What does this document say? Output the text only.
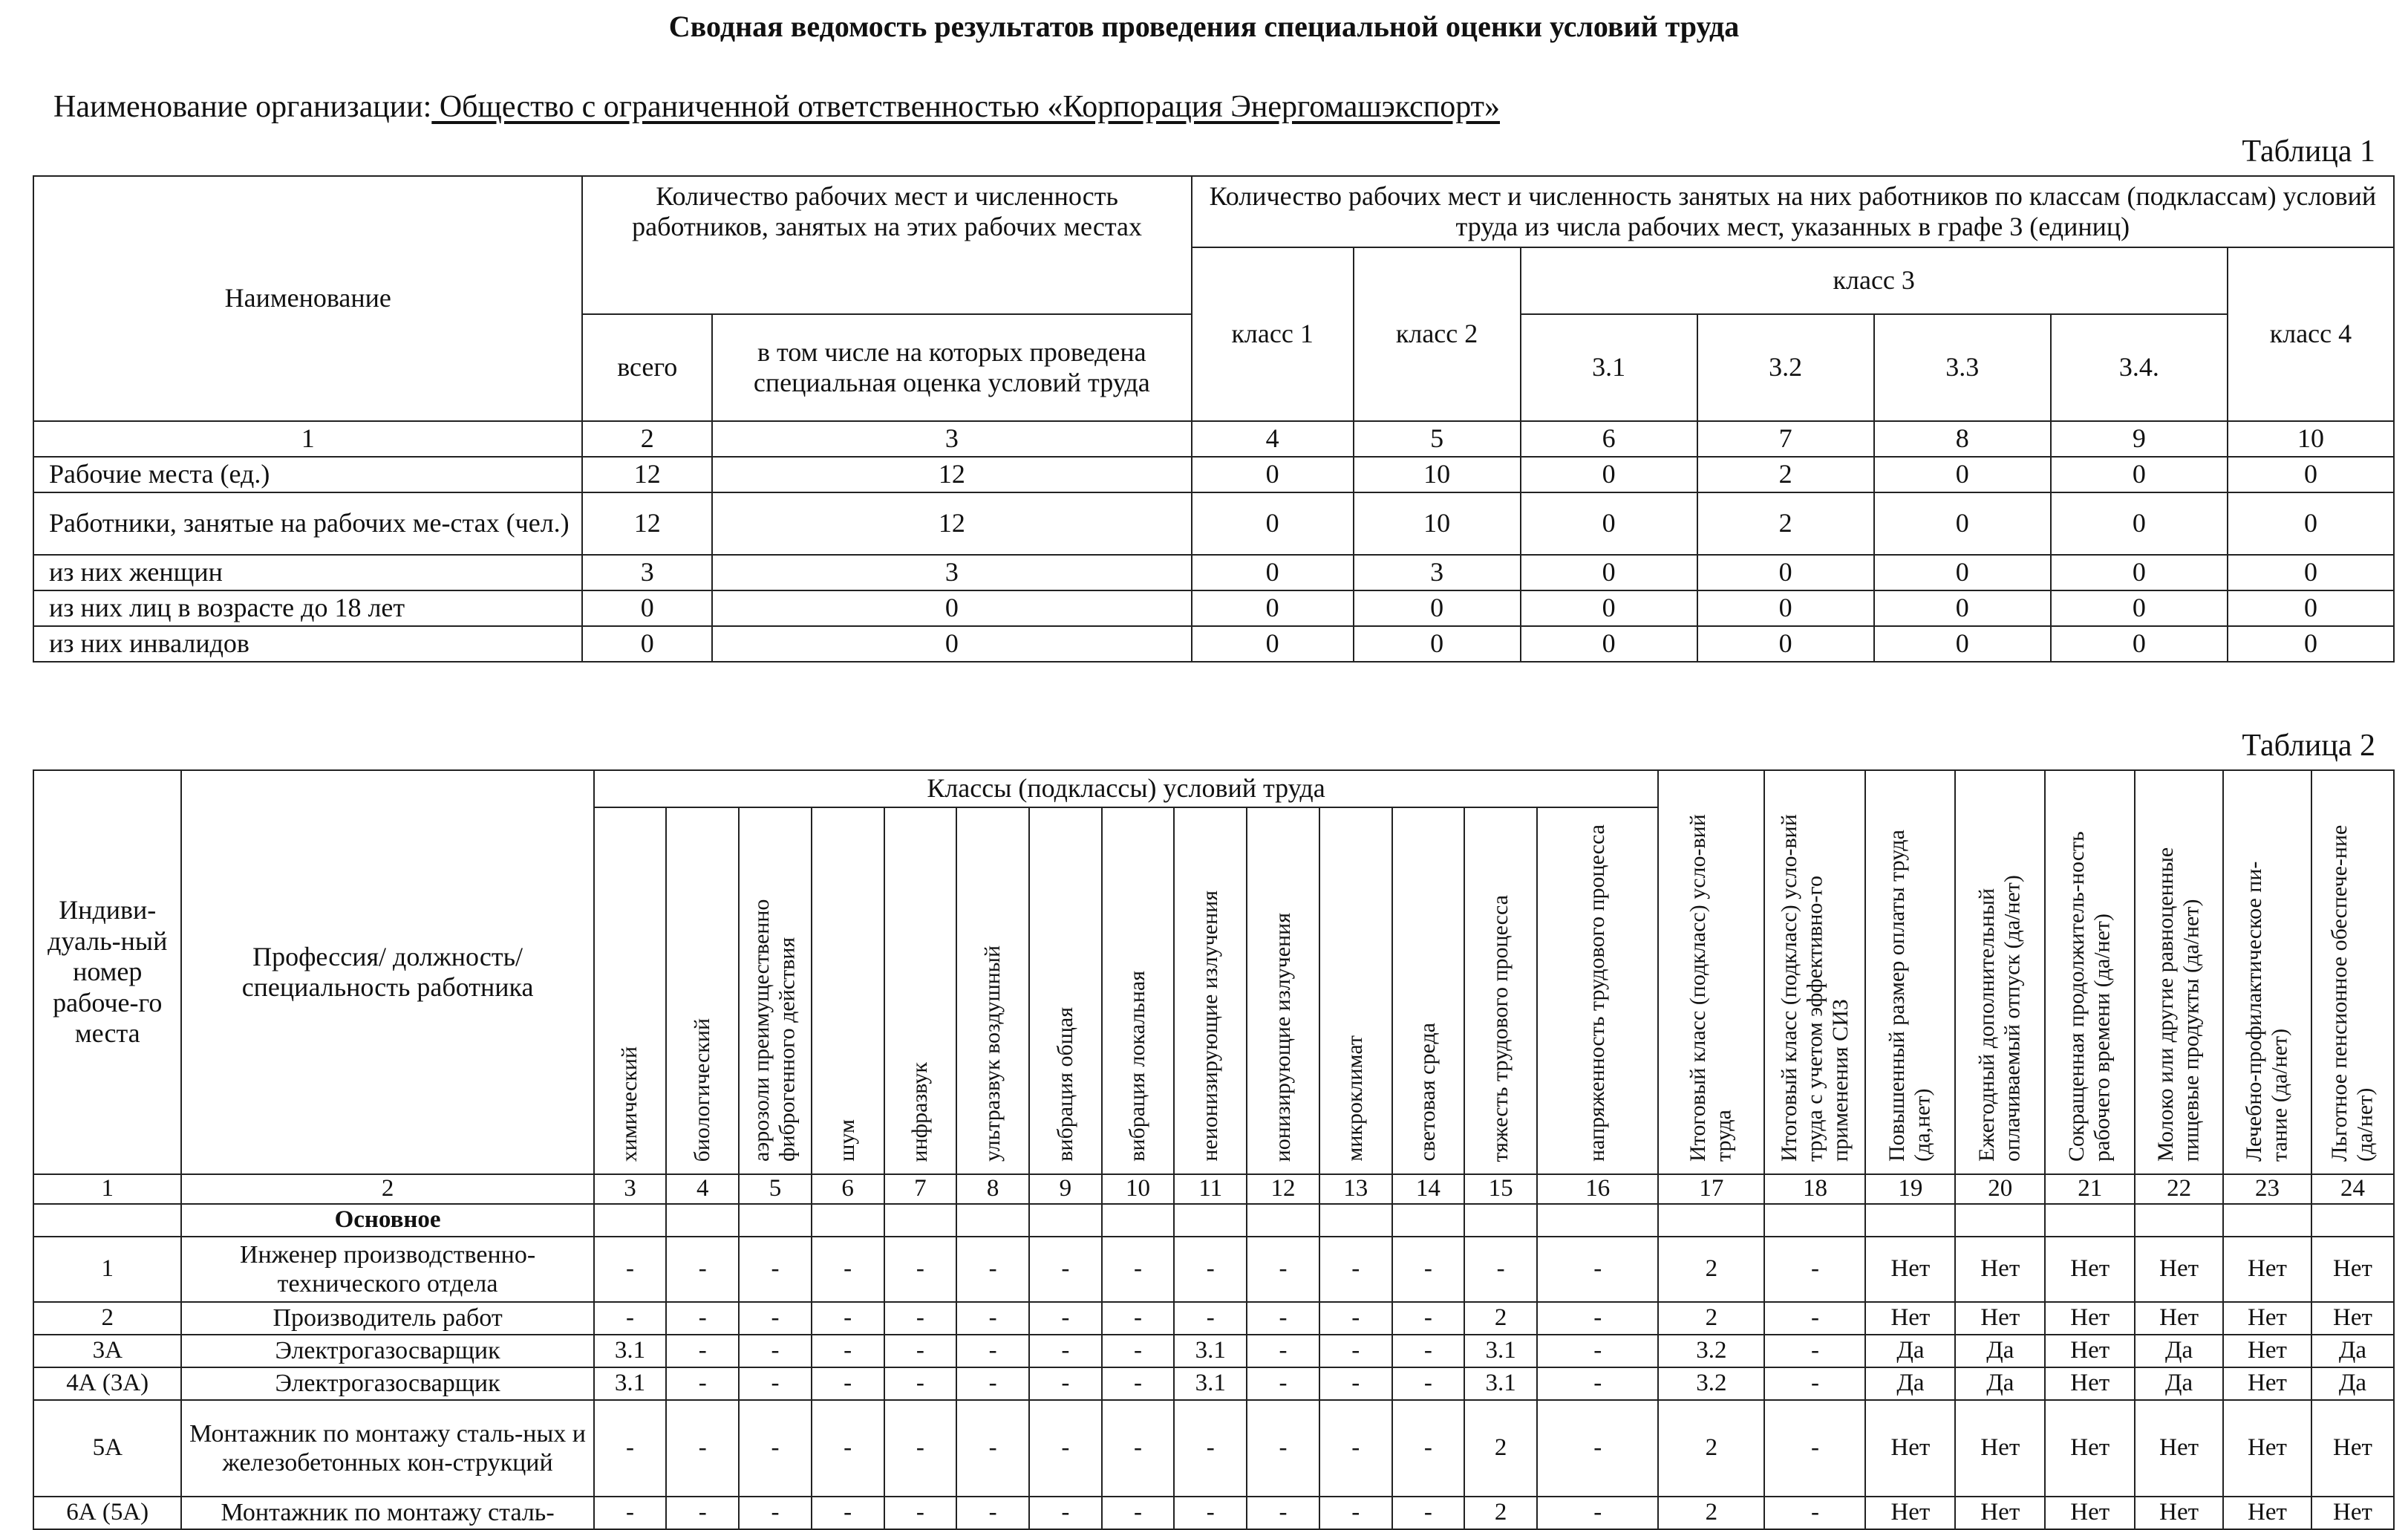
Сводная ведомость результатов проведения специальной оценки условий труда
Наименование организации: Общество с ограниченной ответственностью «Корпорация Энергомашэкспорт»
Таблица 1
Наименование	Количество рабочих мест и численность работников, занятых на этих рабочих местах		Количество рабочих мест и численность занятых на них работников по классам (подклассам) условий труда из числа рабочих мест, указанных в графе 3 (единиц)						
			класс 1	класс 2	класс 3				класс 4
	всего	в том числе на которых проведена специальная оценка условий труда			3.1	3.2	3.3	3.4.	
1	2	3	4	5	6	7	8	9	10
Рабочие места (ед.)	12	12	0	10	0	2	0	0	0
Работники, занятые на рабочих ме-стах (чел.)	12	12	0	10	0	2	0	0	0
из них женщин	3	3	0	3	0	0	0	0	0
из них лиц в возрасте до 18 лет	0	0	0	0	0	0	0	0	0
из них инвалидов	0	0	0	0	0	0	0	0	0
Таблица 2
Индиви-дуаль-ный номер рабоче-го места	Профессия/ должность/ специальность работника	Классы (подклассы) условий труда														Итоговый класс (подкласс) усло-вий труда	Итоговый класс (подкласс) усло-вий труда с учетом эффективно-го применения СИЗ	Повышенный размер оплаты труда (да,нет)	Ежегодный дополнительный оплачиваемый отпуск (да/нет)	Сокращенная продолжитель-ность рабочего времени (да/нет)	Молоко или другие равноценные пищевые продукты (да/нет)	Лечебно-профилактическое пи-тание (да/нет)	Льготное пенсионное обеспече-ние (да/нет)
		химический	биологический	аэрозоли преимущественно фиброгенного действия	шум	инфразвук	ультразвук воздушный	вибрация общая	вибрация локальная	неионизирующие излучения	ионизирующие излучения	микроклимат	световая среда	тяжесть трудового процесса	напряженность трудового процесса								
1	2	3	4	5	6	7	8	9	10	11	12	13	14	15	16	17	18	19	20	21	22	23	24
	Основное																						
1	Инженер производственно-технического отдела	-	-	-	-	-	-	-	-	-	-	-	-	-	-	2	-	Нет	Нет	Нет	Нет	Нет	Нет
2	Производитель работ	-	-	-	-	-	-	-	-	-	-	-	-	2	-	2	-	Нет	Нет	Нет	Нет	Нет	Нет
3А	Электрогазосварщик	3.1	-	-	-	-	-	-	-	3.1	-	-	-	3.1	-	3.2	-	Да	Да	Нет	Да	Нет	Да
4А (3А)	Электрогазосварщик	3.1	-	-	-	-	-	-	-	3.1	-	-	-	3.1	-	3.2	-	Да	Да	Нет	Да	Нет	Да
5А	Монтажник по монтажу сталь-ных и железобетонных кон-струкций	-	-	-	-	-	-	-	-	-	-	-	-	2	-	2	-	Нет	Нет	Нет	Нет	Нет	Нет
6А (5А)	Монтажник по монтажу сталь-	-	-	-	-	-	-	-	-	-	-	-	-	2	-	2	-	Нет	Нет	Нет	Нет	Нет	Нет
